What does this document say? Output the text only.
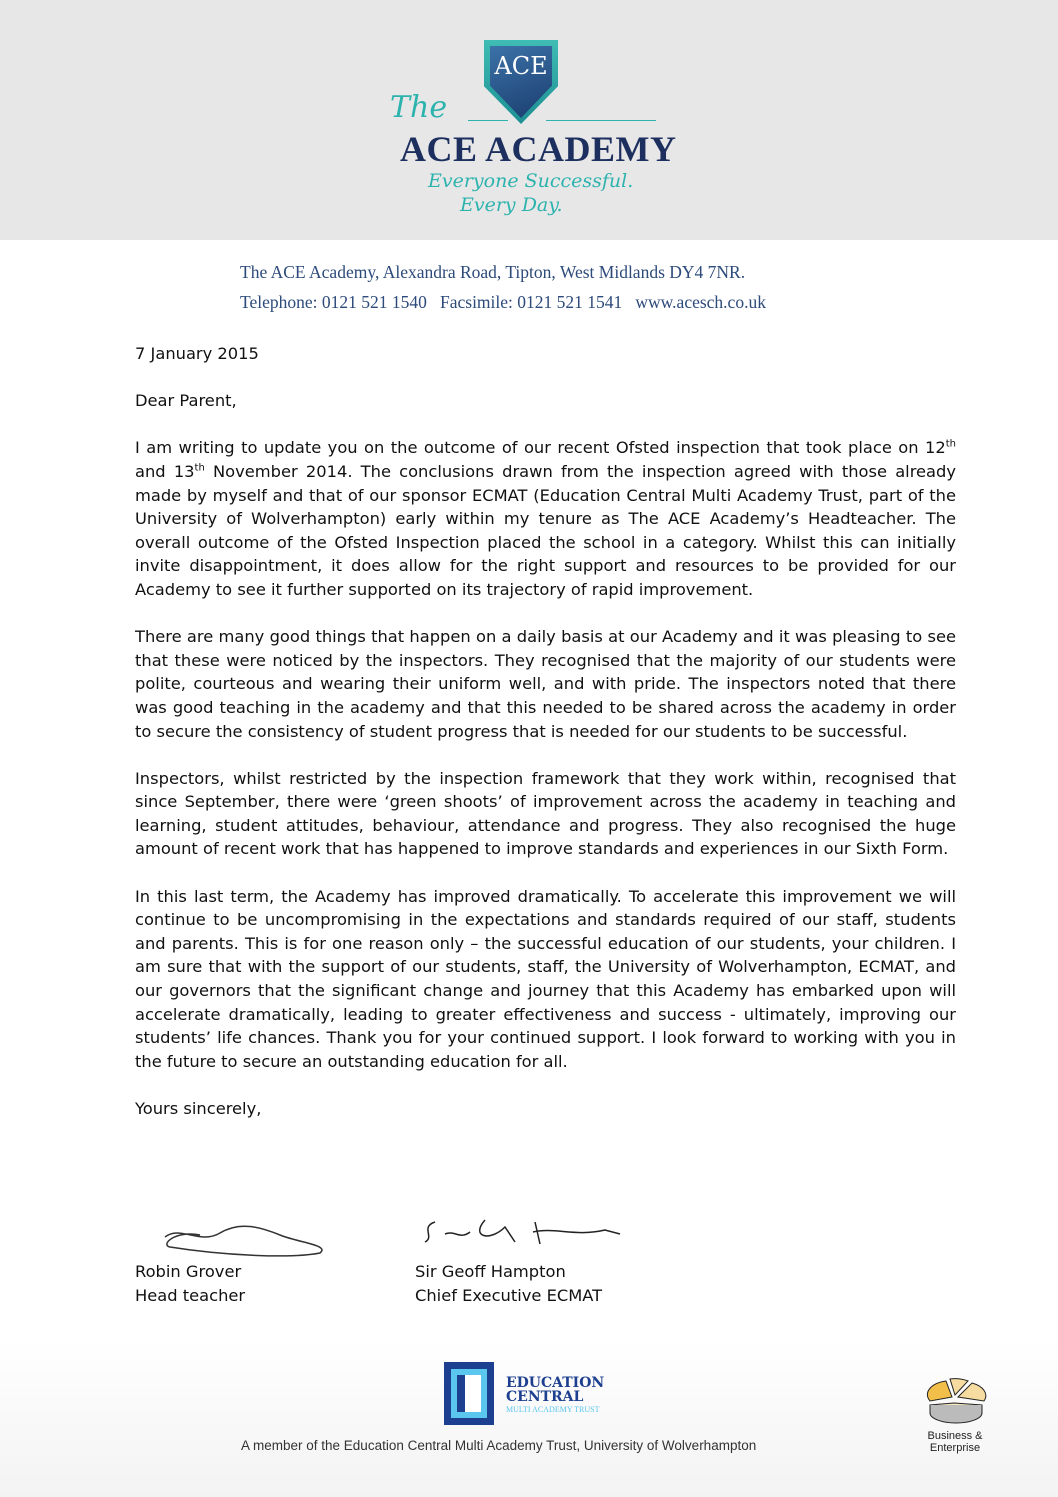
ACE
The
ACE ACADEMY
Everyone Successful.
Every Day.
The ACE Academy, Alexandra Road, Tipton, West Midlands DY4 7NR.
Telephone: 0121 521 1540   Facsimile: 0121 521 1541   www.acesch.co.uk

7 January 2015

Dear Parent,

I am writing to update you on the outcome of our recent Ofsted inspection that took place on 12th and 13th November 2014. The conclusions drawn from the inspection agreed with those already made by myself and that of our sponsor ECMAT (Education Central Multi Academy Trust, part of the University of Wolverhampton) early within my tenure as The ACE Academy’s Headteacher. The overall outcome of the Ofsted Inspection placed the school in a category. Whilst this can initially invite disappointment, it does allow for the right support and resources to be provided for our Academy to see it further supported on its trajectory of rapid improvement.

There are many good things that happen on a daily basis at our Academy and it was pleasing to see that these were noticed by the inspectors. They recognised that the majority of our students were polite, courteous and wearing their uniform well, and with pride. The inspectors noted that there was good teaching in the academy and that this needed to be shared across the academy in order to secure the consistency of student progress that is needed for our students to be successful.

Inspectors, whilst restricted by the inspection framework that they work within, recognised that since September, there were ‘green shoots’ of improvement across the academy in teaching and learning, student attitudes, behaviour, attendance and progress. They also recognised the huge amount of recent work that has happened to improve standards and experiences in our Sixth Form.

In this last term, the Academy has improved dramatically. To accelerate this improvement we will continue to be uncompromising in the expectations and standards required of our staff, students and parents. This is for one reason only – the successful education of our students, your children. I am sure that with the support of our students, staff, the University of Wolverhampton, ECMAT, and our governors that the significant change and journey that this Academy has embarked upon will accelerate dramatically, leading to greater effectiveness and success - ultimately, improving our students’ life chances. Thank you for your continued support. I look forward to working with you in the future to secure an outstanding education for all.

Yours sincerely,

Robin Grover
Head teacher
Sir Geoff Hampton
Chief Executive ECMAT
EDUCATION
CENTRAL
MULTI ACADEMY TRUST
A member of the Education Central Multi Academy Trust, University of Wolverhampton
Business &
Enterprise
